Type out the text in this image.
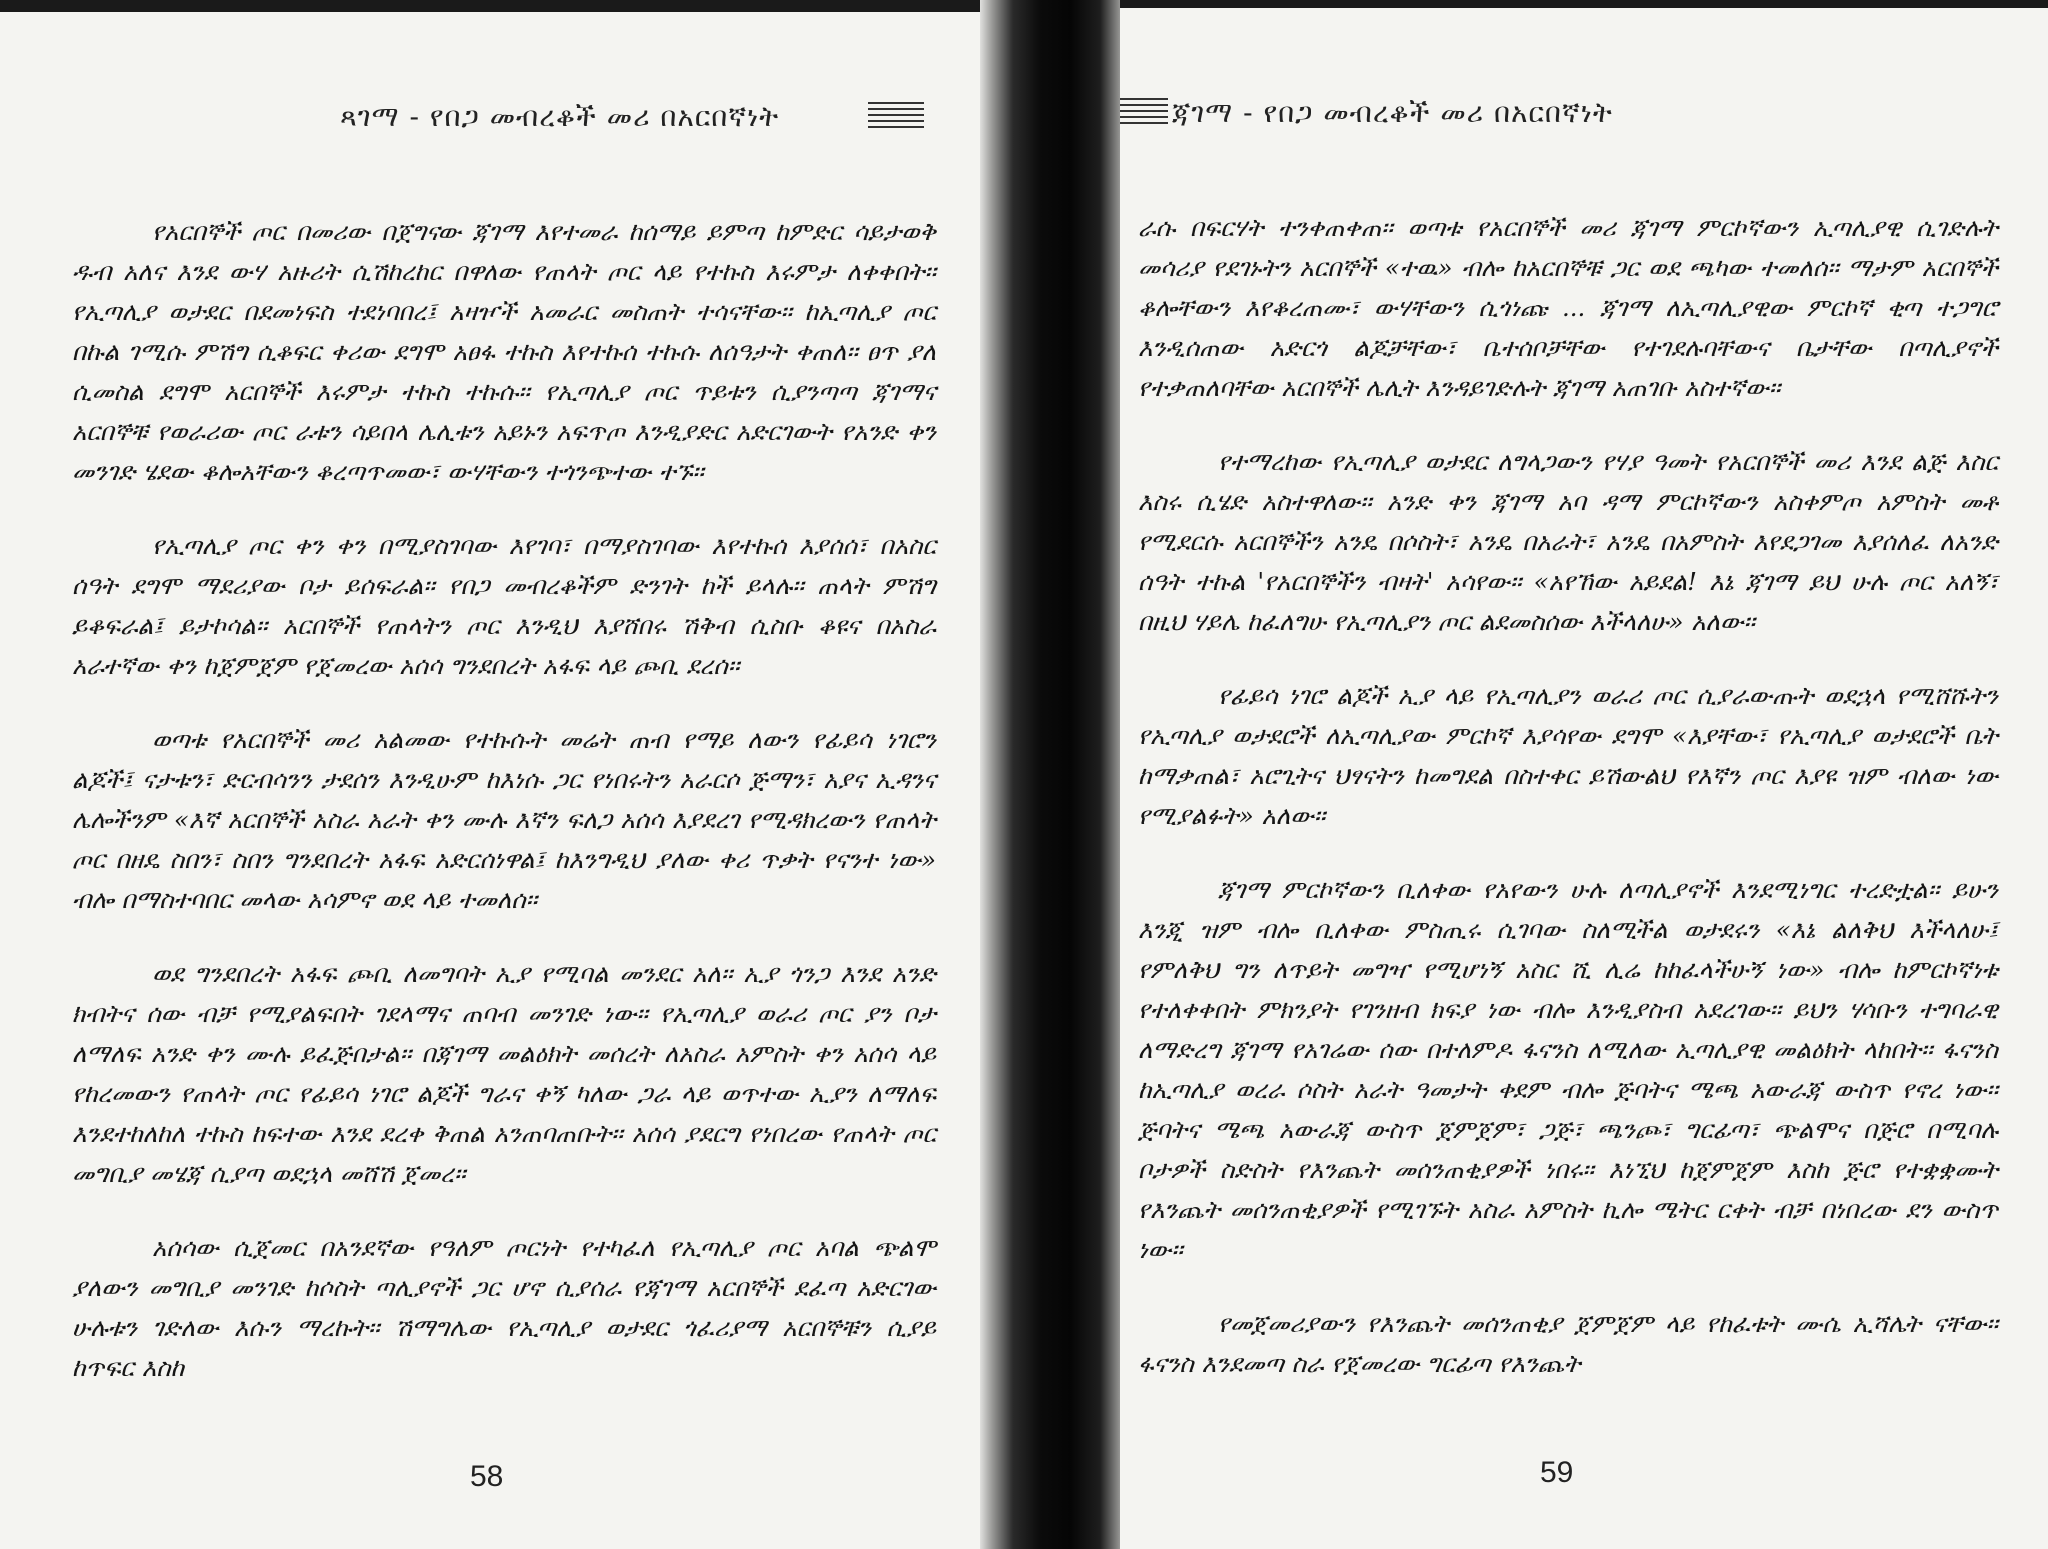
ጻገማ - የበጋ መብረቆች መሪ በአርበኛነት

የአርበኞች ጦር በመሪው በጀግናው ጃገማ እየተመራ ከሰማይ ይምጣ ከምድር ሳይታወቅ ዱብ አለና እንደ ውሃ አዙሪት ሲሽከረከር በዋለው የጠላት ጦር ላይ የተኩስ እሩምታ ለቀቀበት፡፡ የኢጣሊያ ወታደር በደመነፍስ ተደነባበረ፤ አዛዦች አመራር መስጠት ተሳናቸው፡፡ ከኢጣሊያ ጦር በኩል ገሚሱ ምሽግ ሲቆፍር ቀሪው ደግሞ አፀፋ ተኩስ እየተኩሰ ተኩሱ ለሰዓታት ቀጠለ፡፡ ፀጥ ያለ ሲመስል ደግሞ አርበኞች እሩምታ ተኩስ ተኩሱ፡፡ የኢጣሊያ ጦር ጥይቱን ሲያንጣጣ ጃገማና አርበኞቹ የወራሪው ጦር ራቱን ሳይበላ ሌሊቱን አይኑን አፍጥጦ እንዲያድር አድርገውት የአንድ ቀን መንገድ ሄደው ቆሎአቸውን ቆረጣጥመው፣ ውሃቸውን ተጎንጭተው ተኙ፡፡

የኢጣሊያ ጦር ቀን ቀን በሚያስገባው እየገባ፣ በማያስገባው እየተኩሰ እያሰሰ፣ በአስር ሰዓት ደግሞ ማደሪያው ቦታ ይሰፍራል፡፡ የበጋ መብረቆችም ድንገት ከች ይላሉ፡፡ ጠላት ምሽግ ይቆፍራል፤ ይታኮሳል፡፡ አርበኞች የጠላትን ጦር እንዲህ እያሸበሩ ሽቅብ ሲስቡ ቆዩና በአስራ አራተኛው ቀን ከጀምጀም የጀመረው አሰሳ ግንደበረት አፋፍ ላይ ጮቢ ደረሰ፡፡

ወጣቱ የአርበኞች መሪ አልመው የተኩሱት መሬት ጠብ የማይ ለውን የፊይሳ ነገሮን ልጆች፤ ናታቱን፣ ድርብሳንን ታደሰን እንዲሁም ከእነሱ ጋር የነበሩትን አራርሶ ጅማን፣ አያና ኢዳንና ሌሎችንም «እኛ አርበኞች አስራ አራት ቀን ሙሉ እኛን ፍለጋ አሰሳ እያደረገ የሚዳክረውን የጠላት ጦር በዘዴ ስበን፣ ስበን ግንደበረት አፋፍ አድርሰነዋል፤ ከእንግዲህ ያለው ቀሪ ጥቃት የናንተ ነው» ብሎ በማስተባበር መላው አሳምኖ ወደ ላይ ተመለሰ፡፡

ወደ ግንደበረት አፋፍ ጮቢ ለመግባት ኢያ የሚባል መንደር አለ፡፡ ኢያ ጎንጋ እንደ አንድ ክብትና ሰው ብቻ የሚያልፍበት ገደላማና ጠባብ መንገድ ነው፡፡ የኢጣሊያ ወራሪ ጦር ያን ቦታ ለማለፍ አንድ ቀን ሙሉ ይፈጅበታል፡፡ በጃገማ መልዕክት መሰረት ለአስራ አምስት ቀን አሰሳ ላይ የከረመውን የጠላት ጦር የፊይሳ ነገሮ ልጆች ግራና ቀኝ ካለው ጋራ ላይ ወጥተው ኢያን ለማለፍ እንደተከለከለ ተኩስ ከፍተው እንደ ደረቀ ቅጠል አንጠባጠቡት፡፡ አሰሳ ያደርግ የነበረው የጠላት ጦር መግቢያ መሄጃ ሲያጣ ወደኋላ መሸሽ ጀመረ፡፡

አሰሳው ሲጀመር በአንደኛው የዓለም ጦርነት የተካፈለ የኢጣሊያ ጦር አባል ጭልሞ ያለውን መግቢያ መንገድ ከሶስት ጣሊያኖች ጋር ሆኖ ሲያሰራ የጃገማ አርበኞች ደፈጣ አድርገው ሁሉቱን ገድለው እሱን ማረኩት፡፡ ሽማግሌው የኢጣሊያ ወታደር ጎፈሪያማ አርበኞቹን ሲያይ ከጥፍር እስከ

58
ጃገማ - የበጋ መብረቆች መሪ በአርበኛነት

ራሱ በፍርሃት ተንቀጠቀጠ፡፡ ወጣቱ የአርበኞች መሪ ጃገማ ምርኮኛውን ኢጣሊያዊ ሲገድሉት መሳሪያ የደገኑትን አርበኞች «ተዉ» ብሎ ከአርበኞቹ ጋር ወደ ጫካው ተመለሰ፡፡ ማታም አርበኞች ቆሎቸውን እየቆረጠሙ፣ ውሃቸውን ሲጎነጩ ... ጃገማ ለኢጣሊያዊው ምርኮኛ ቂጣ ተጋግሮ እንዲሰጠው አድርጎ ልጆቻቸው፣ ቤተሰቦቻቸው የተገደሉባቸውና ቤታቸው በጣሊያኖች የተቃጠለባቸው አርበኞች ሌሊት እንዳይገድሉት ጃገማ አጠገቡ አስተኛው፡፡

የተማረከው የኢጣሊያ ወታደር ለግላጋውን የሃያ ዓመት የአርበኞች መሪ እንደ ልጅ እስር እስሩ ሲሄድ አስተዋለው፡፡ አንድ ቀን ጃገማ አባ ዳማ ምርኮኛውን አስቀምጦ አምስት መቶ የሚደርሱ አርበኞችን አንዴ በሶስት፣ አንዴ በአራት፣ አንዴ በአምስት እየደጋገመ እያሰለፈ ለአንድ ሰዓት ተኩል 'የአርበኞችን ብዛት' አሳየው፡፡ «አየኸው አይደል! እኔ ጃገማ ይህ ሁሉ ጦር አለኝ፣ በዚህ ሃይሌ ከፈለግሁ የኢጣሊያን ጦር ልደመስሰው እችላለሁ» አለው፡፡

የፊይሳ ነገሮ ልጆች ኢያ ላይ የኢጣሊያን ወራሪ ጦር ሲያራውጡት ወደኋላ የሚሸሹትን የኢጣሊያ ወታደሮች ለኢጣሊያው ምርኮኛ እያሳየው ደግሞ «እያቸው፣ የኢጣሊያ ወታደሮች ቤት ከማቃጠል፣ አሮጊትና ህፃናትን ከመግደል በስተቀር ይሽውልህ የእኛን ጦር እያዩ ዝም ብለው ነው የሚያልፉት» አለው፡፡

ጃገማ ምርኮኛውን ቢለቀው የአየውን ሁሉ ለጣሊያኖች እንደሚነግር ተረድቷል፡፡ ይሁን እንጂ ዝም ብሎ ቢለቀው ምስጢሩ ሲገባው ስለሚችል ወታደሩን «እኔ ልለቅህ እችላለሁ፤ የምለቅህ ግን ለጥይት መግዣ የሚሆነኝ አስር ሺ ሊሬ ከከፈላችሁኝ ነው» ብሎ ከምርኮኛነቱ የተለቀቀበት ምክንያት የገንዘብ ክፍያ ነው ብሎ እንዲያስብ አደረገው፡፡ ይህን ሃሳቡን ተግባራዊ ለማድረግ ጃገማ የአገሬው ሰው በተለምዶ ፋናንስ ለሚለው ኢጣሊያዊ መልዕክት ላከበት፡፡ ፋናንስ ከኢጣሊያ ወረራ ሶስት አራት ዓመታት ቀደም ብሎ ጅባትና ሜጫ አውራጃ ውስጥ የኖረ ነው፡፡ ጅባትና ሜጫ አውራጃ ውስጥ ጀምጀም፣ ጋጅ፣ ጫንጮ፣ ግርፊጣ፣ ጭልሞና በጅሮ በሚባሉ ቦታዎች ስድስት የእንጨት መሰንጠቂያዎች ነበሩ፡፡ እነኚህ ከጀምጀም እስከ ጅሮ የተቋቋሙት የእንጨት መሰንጠቂያዎች የሚገኙት አስራ አምስት ኪሎ ሜትር ርቀት ብቻ በነበረው ደን ውስጥ ነው፡፡

የመጀመሪያውን የእንጨት መሰንጠቂያ ጀምጀም ላይ የከፈቱት ሙሴ ኢሻሌት ናቸው፡፡ ፋናንስ እንደመጣ ስራ የጀመረው ግርፊጣ የእንጨት

59
